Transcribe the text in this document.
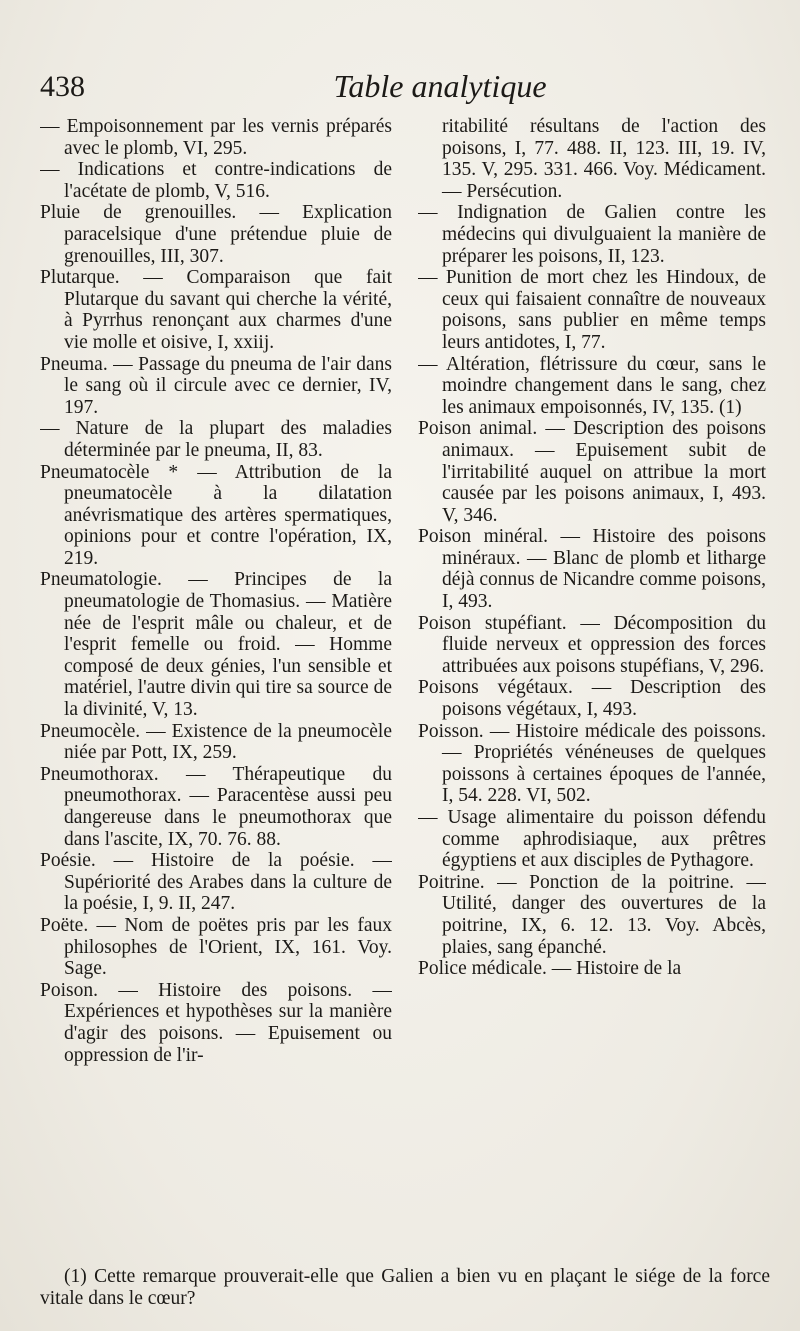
438	Table analytique

— Empoisonnement par les vernis préparés avec le plomb, VI, 295.

— Indications et contre-indications de l'acétate de plomb, V, 516.

Pluie de grenouilles. — Explication paracelsique d'une prétendue pluie de grenouilles, III, 307.

Plutarque. — Comparaison que fait Plutarque du savant qui cherche la vérité, à Pyrrhus renonçant aux charmes d'une vie molle et oisive, I, xxiij.

Pneuma. — Passage du pneuma de l'air dans le sang où il circule avec ce dernier, IV, 197.

— Nature de la plupart des maladies déterminée par le pneuma, II, 83.

Pneumatocèle * — Attribution de la pneumatocèle à la dilatation anévrismatique des artères spermatiques, opinions pour et contre l'opération, IX, 219.

Pneumatologie. — Principes de la pneumatologie de Thomasius. — Matière née de l'esprit mâle ou chaleur, et de l'esprit femelle ou froid. — Homme composé de deux génies, l'un sensible et matériel, l'autre divin qui tire sa source de la divinité, V, 13.

Pneumocèle. — Existence de la pneumocèle niée par Pott, IX, 259.

Pneumothorax. — Thérapeutique du pneumothorax. — Paracentèse aussi peu dangereuse dans le pneumothorax que dans l'ascite, IX, 70. 76. 88.

Poésie. — Histoire de la poésie. — Supériorité des Arabes dans la culture de la poésie, I, 9. II, 247.

Poëte. — Nom de poëtes pris par les faux philosophes de l'Orient, IX, 161. Voy. Sage.

Poison. — Histoire des poisons. — Expériences et hypothèses sur la manière d'agir des poisons. — Epuisement ou oppression de l'ir-

ritabilité résultans de l'action des poisons, I, 77. 488. II, 123. III, 19. IV, 135. V, 295. 331. 466. Voy. Médicament. — Persécution.

— Indignation de Galien contre les médecins qui divulguaient la manière de préparer les poisons, II, 123.

— Punition de mort chez les Hindoux, de ceux qui faisaient connaître de nouveaux poisons, sans publier en même temps leurs antidotes, I, 77.

— Altération, flétrissure du cœur, sans le moindre changement dans le sang, chez les animaux empoisonnés, IV, 135. (1)

Poison animal. — Description des poisons animaux. — Epuisement subit de l'irritabilité auquel on attribue la mort causée par les poisons animaux, I, 493. V, 346.

Poison minéral. — Histoire des poisons minéraux. — Blanc de plomb et litharge déjà connus de Nicandre comme poisons, I, 493.

Poison stupéfiant. — Décomposition du fluide nerveux et oppression des forces attribuées aux poisons stupéfians, V, 296.

Poisons végétaux. — Description des poisons végétaux, I, 493.

Poisson. — Histoire médicale des poissons. — Propriétés vénéneuses de quelques poissons à certaines époques de l'année, I, 54. 228. VI, 502.

— Usage alimentaire du poisson défendu comme aphrodisiaque, aux prêtres égyptiens et aux disciples de Pythagore.

Poitrine. — Ponction de la poitrine. — Utilité, danger des ouvertures de la poitrine, IX, 6. 12. 13. Voy. Abcès, plaies, sang épanché.

Police médicale. — Histoire de la

(1) Cette remarque prouverait-elle que Galien a bien vu en plaçant le siége de la force vitale dans le cœur?
